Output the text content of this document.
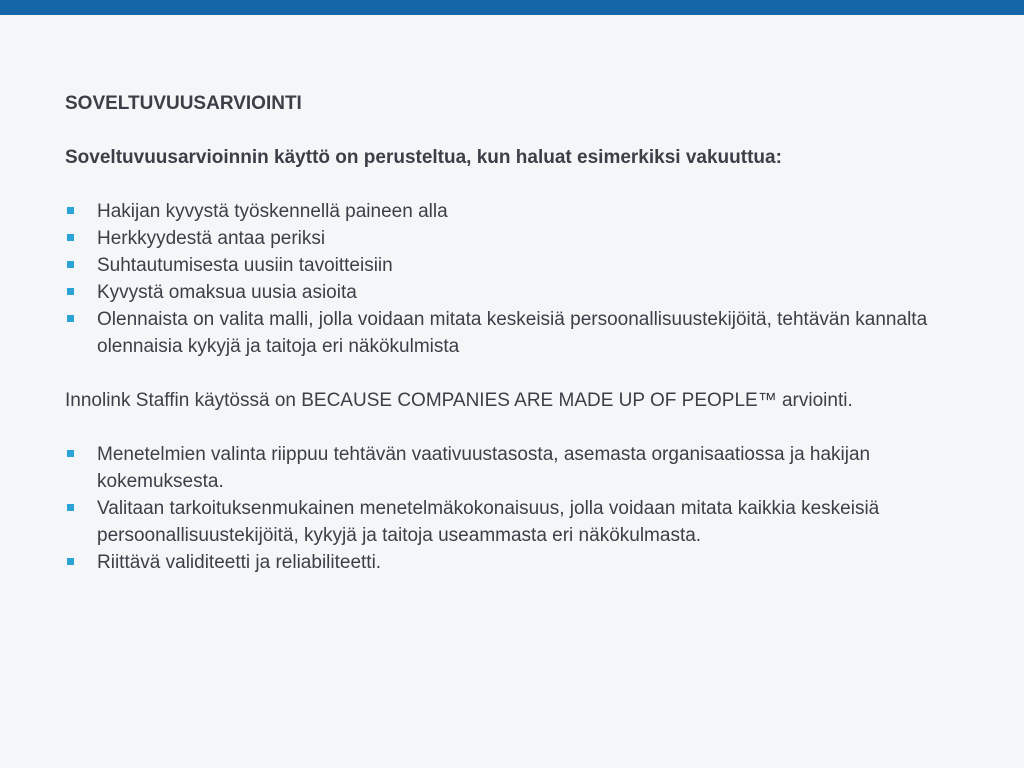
SOVELTUVUUSARVIOINTI

Soveltuvuusarvioinnin käyttö on perusteltua, kun haluat esimerkiksi vakuuttua:

Hakijan kyvystä työskennellä paineen alla
Herkkyydestä antaa periksi
Suhtautumisesta uusiin tavoitteisiin
Kyvystä omaksua uusia asioita
Olennaista on valita malli, jolla voidaan mitata keskeisiä persoonallisuustekijöitä, tehtävän kannalta olennaisia kykyjä ja taitoja eri näkökulmista

Innolink Staffin käytössä on BECAUSE COMPANIES ARE MADE UP OF PEOPLE™ arviointi.

Menetelmien valinta riippuu tehtävän vaativuustasosta, asemasta organisaatiossa ja hakijan kokemuksesta.
Valitaan tarkoituksenmukainen menetelmäkokonaisuus, jolla voidaan mitata kaikkia keskeisiä persoonallisuustekijöitä, kykyjä ja taitoja useammasta eri näkökulmasta.
Riittävä validiteetti ja reliabiliteetti.
